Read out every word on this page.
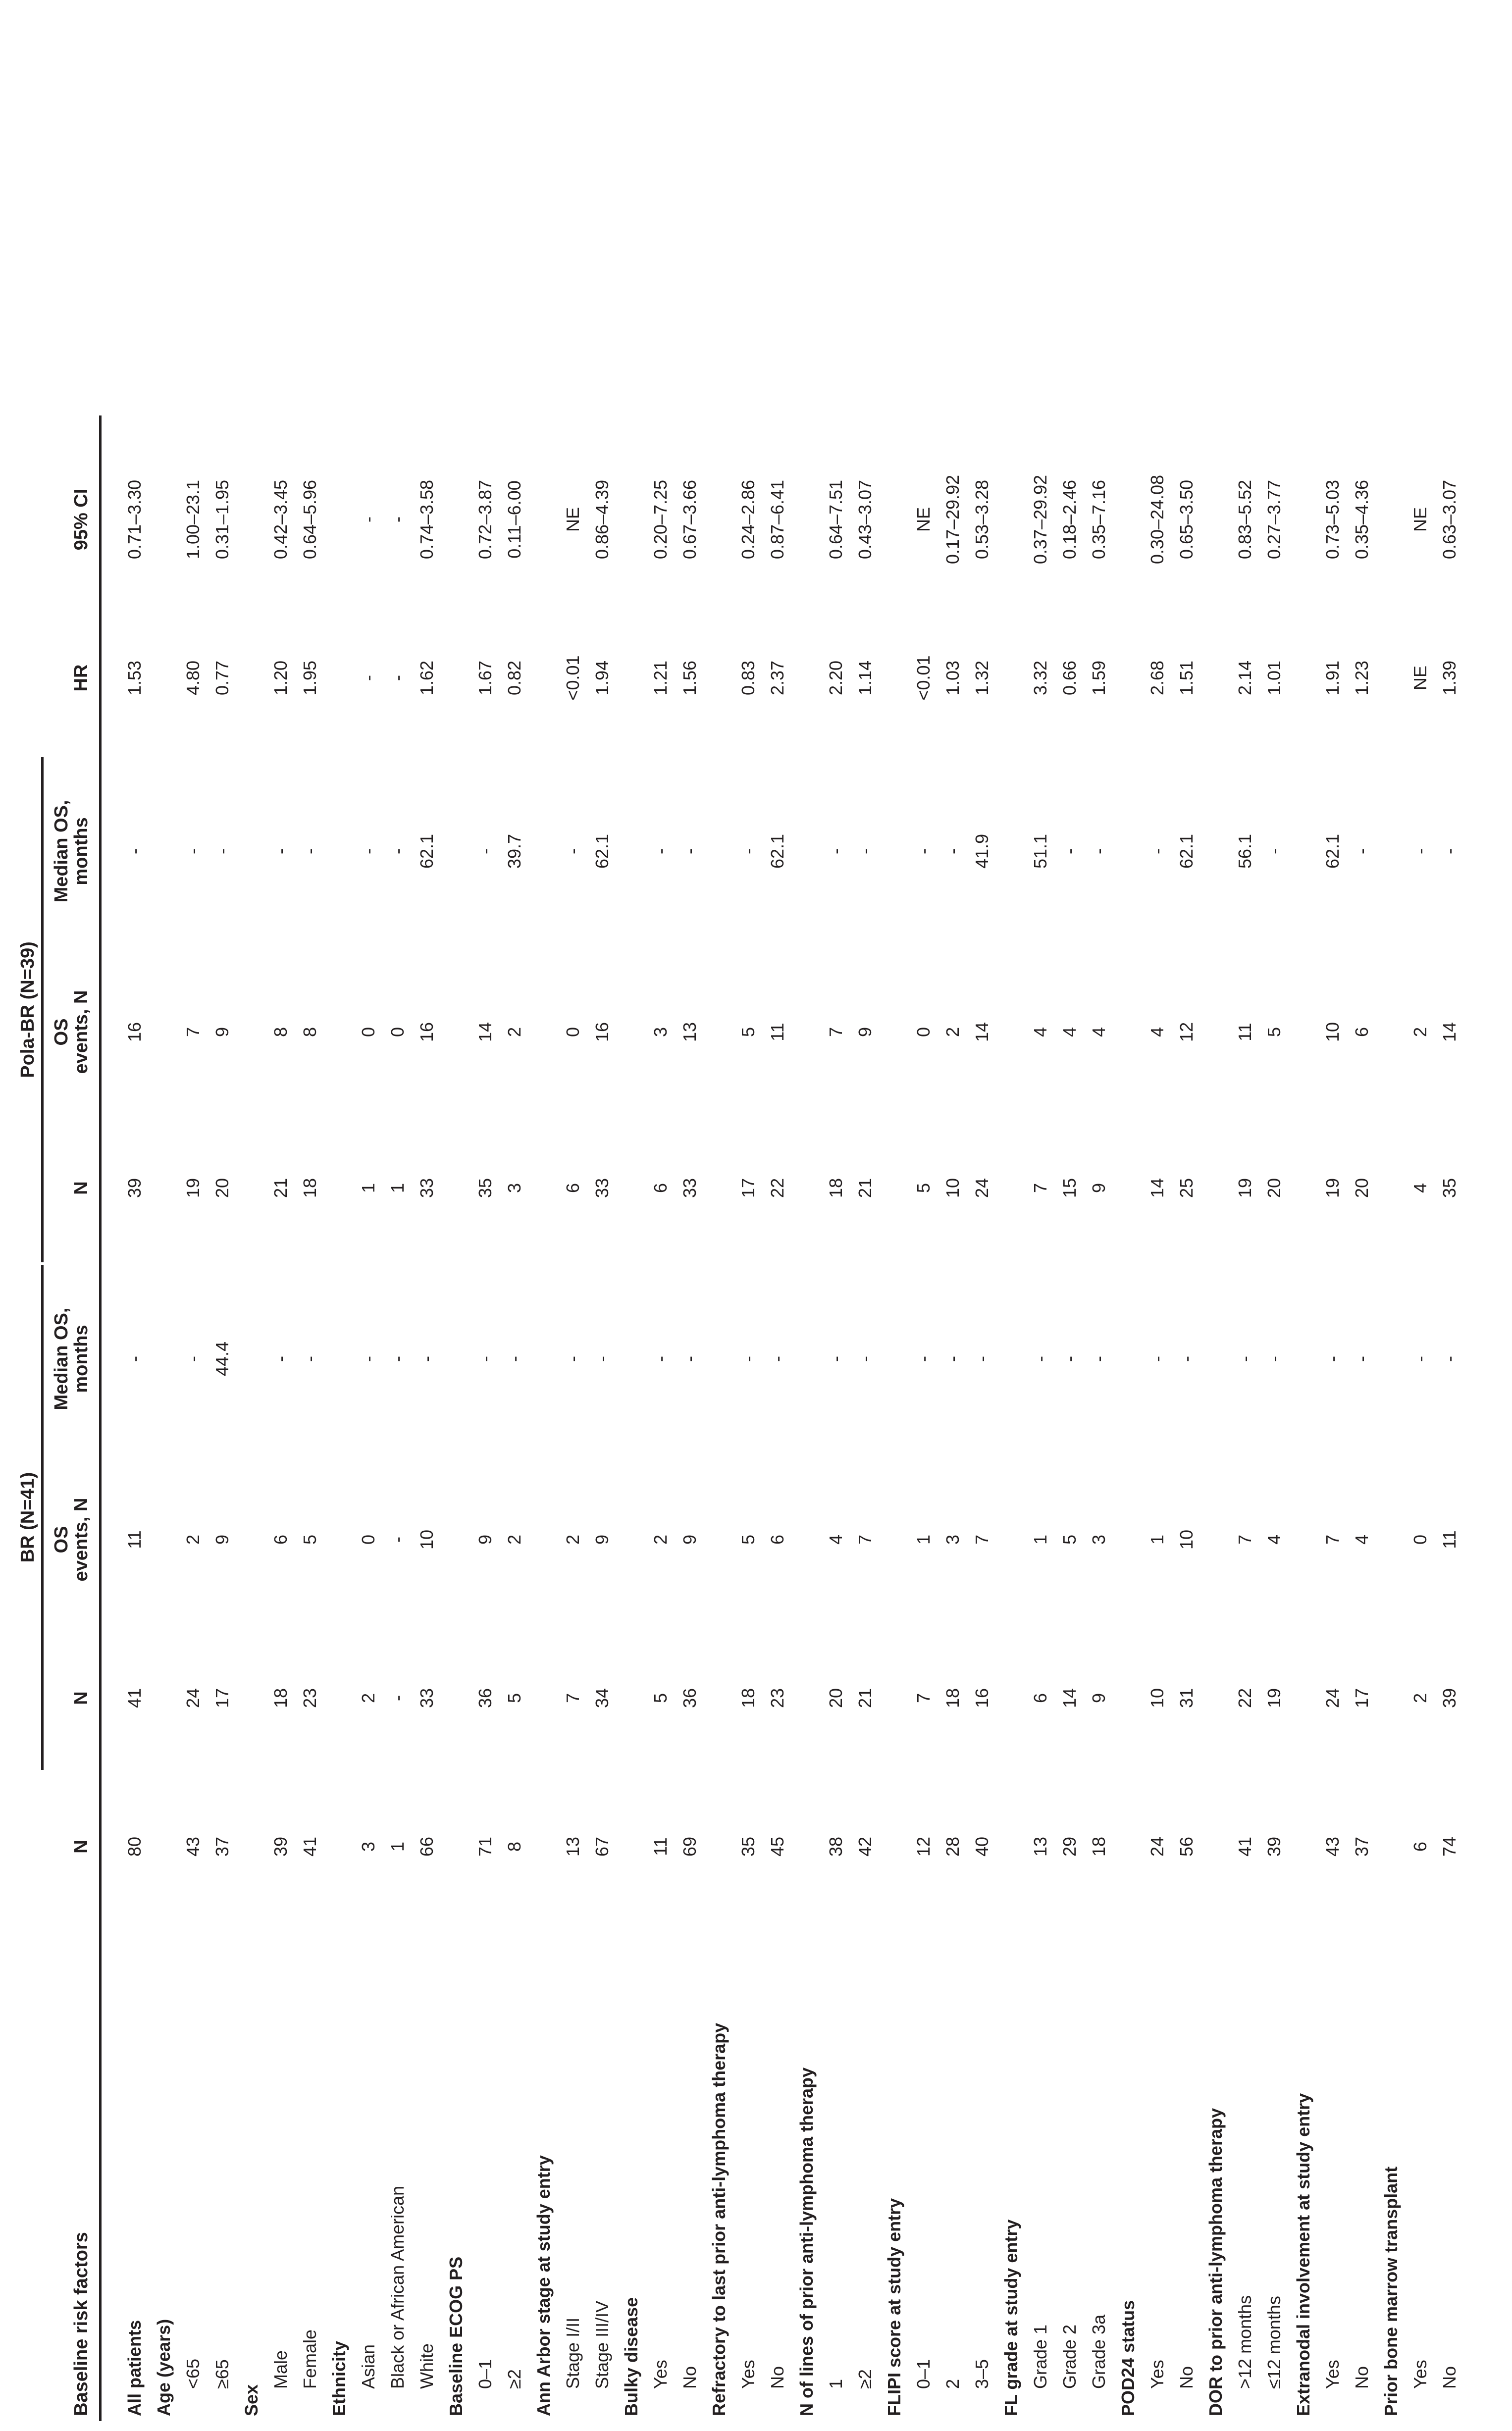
All patients
80
41
11
-
39
16
-
1.53
0.71–3.30
Age (years) <65
43
24
2
-
19
7
-
4.80
1.00–23.1
≥65
37
17
9
44.4
20
9
-
0.77
0.31–1.95
Sex
Male
39
18
6
-
21
8
-
1.20
0.42–3.45
Female
41
23
5
-
18
8
-
1.95
0.64–5.96
Ethnicity Asian
3
2
0
-
1
0
-
-
-
Black or African American
1
-
-
-
1
0
-
-
-
White
66
33
10
-
33
16
62.1
1.62
0.74–3.58
Baseline ECOG PS 0–1
71
36
9
-
35
14
-
1.67
0.72–3.87
≥2
8
5
2
-
3
2
39.7
0.82
0.11–6.00
Ann Arbor stage at study entry Stage I/II
13
7
2
-
6
0
-
<0.01
NE
Stage III/IV
67
34
9
-
33
16
62.1
1.94
0.86–4.39
Bulky disease Yes
11
5
2
-
6
3
-
1.21
0.20–7.25
No
69
36
9
-
33
13
-
1.56
0.67–3.66
Refractory to last prior anti-lymphoma therapy Yes
35
18
5
-
17
5
-
0.83
0.24–2.86
No
45
23
6
-
22
11
62.1
2.37
0.87–6.41
N of lines of prior anti-lymphoma therapy 1
38
20
4
-
18
7
-
2.20
0.64–7.51
≥2
42
21
7
-
21
9
-
1.14
0.43–3.07
FLIPI score at study entry 0–1
12
7
1
-
5
0
-
<0.01
NE
2
28
18
3
-
10
2
-
1.03
0.17–29.92
3–5
40
16
7
-
24
14
41.9
1.32
0.53–3.28
FL grade at study entry Grade 1
13
6
1
-
7
4
51.1
3.32
0.37–29.92
Grade 2
29
14
5
-
15
4
-
0.66
0.18–2.46
Grade 3a
18
9
3
-
9
4
-
1.59
0.35–7.16
POD24 status Yes
24
10
1
-
14
4
-
2.68
0.30–24.08
No
56
31
10
-
25
12
62.1
1.51
0.65–3.50
DOR to prior anti-lymphoma therapy >12 months
41
22
7
-
19
11
56.1
2.14
0.83–5.52
≤12 months
39
19
4
-
20
5
-
1.01
0.27–3.77
Extranodal involvement at study entry Yes
43
24
7
-
19
10
62.1
1.91
0.73–5.03
No
37
17
4
-
20
6
-
1.23
0.35–4.36
Prior bone marrow transplant Yes
6
2
0
-
4
2
-
NE
NE
No
74
39
11
-
35
14
-
1.39
0.63–3.07
Baseline risk factors
N
BR (N=41)
N
OS
events, N
Median OS,
months
Pola-BR (N=39)
N
OS
events, N
Median OS,
months
HR
95% CI
